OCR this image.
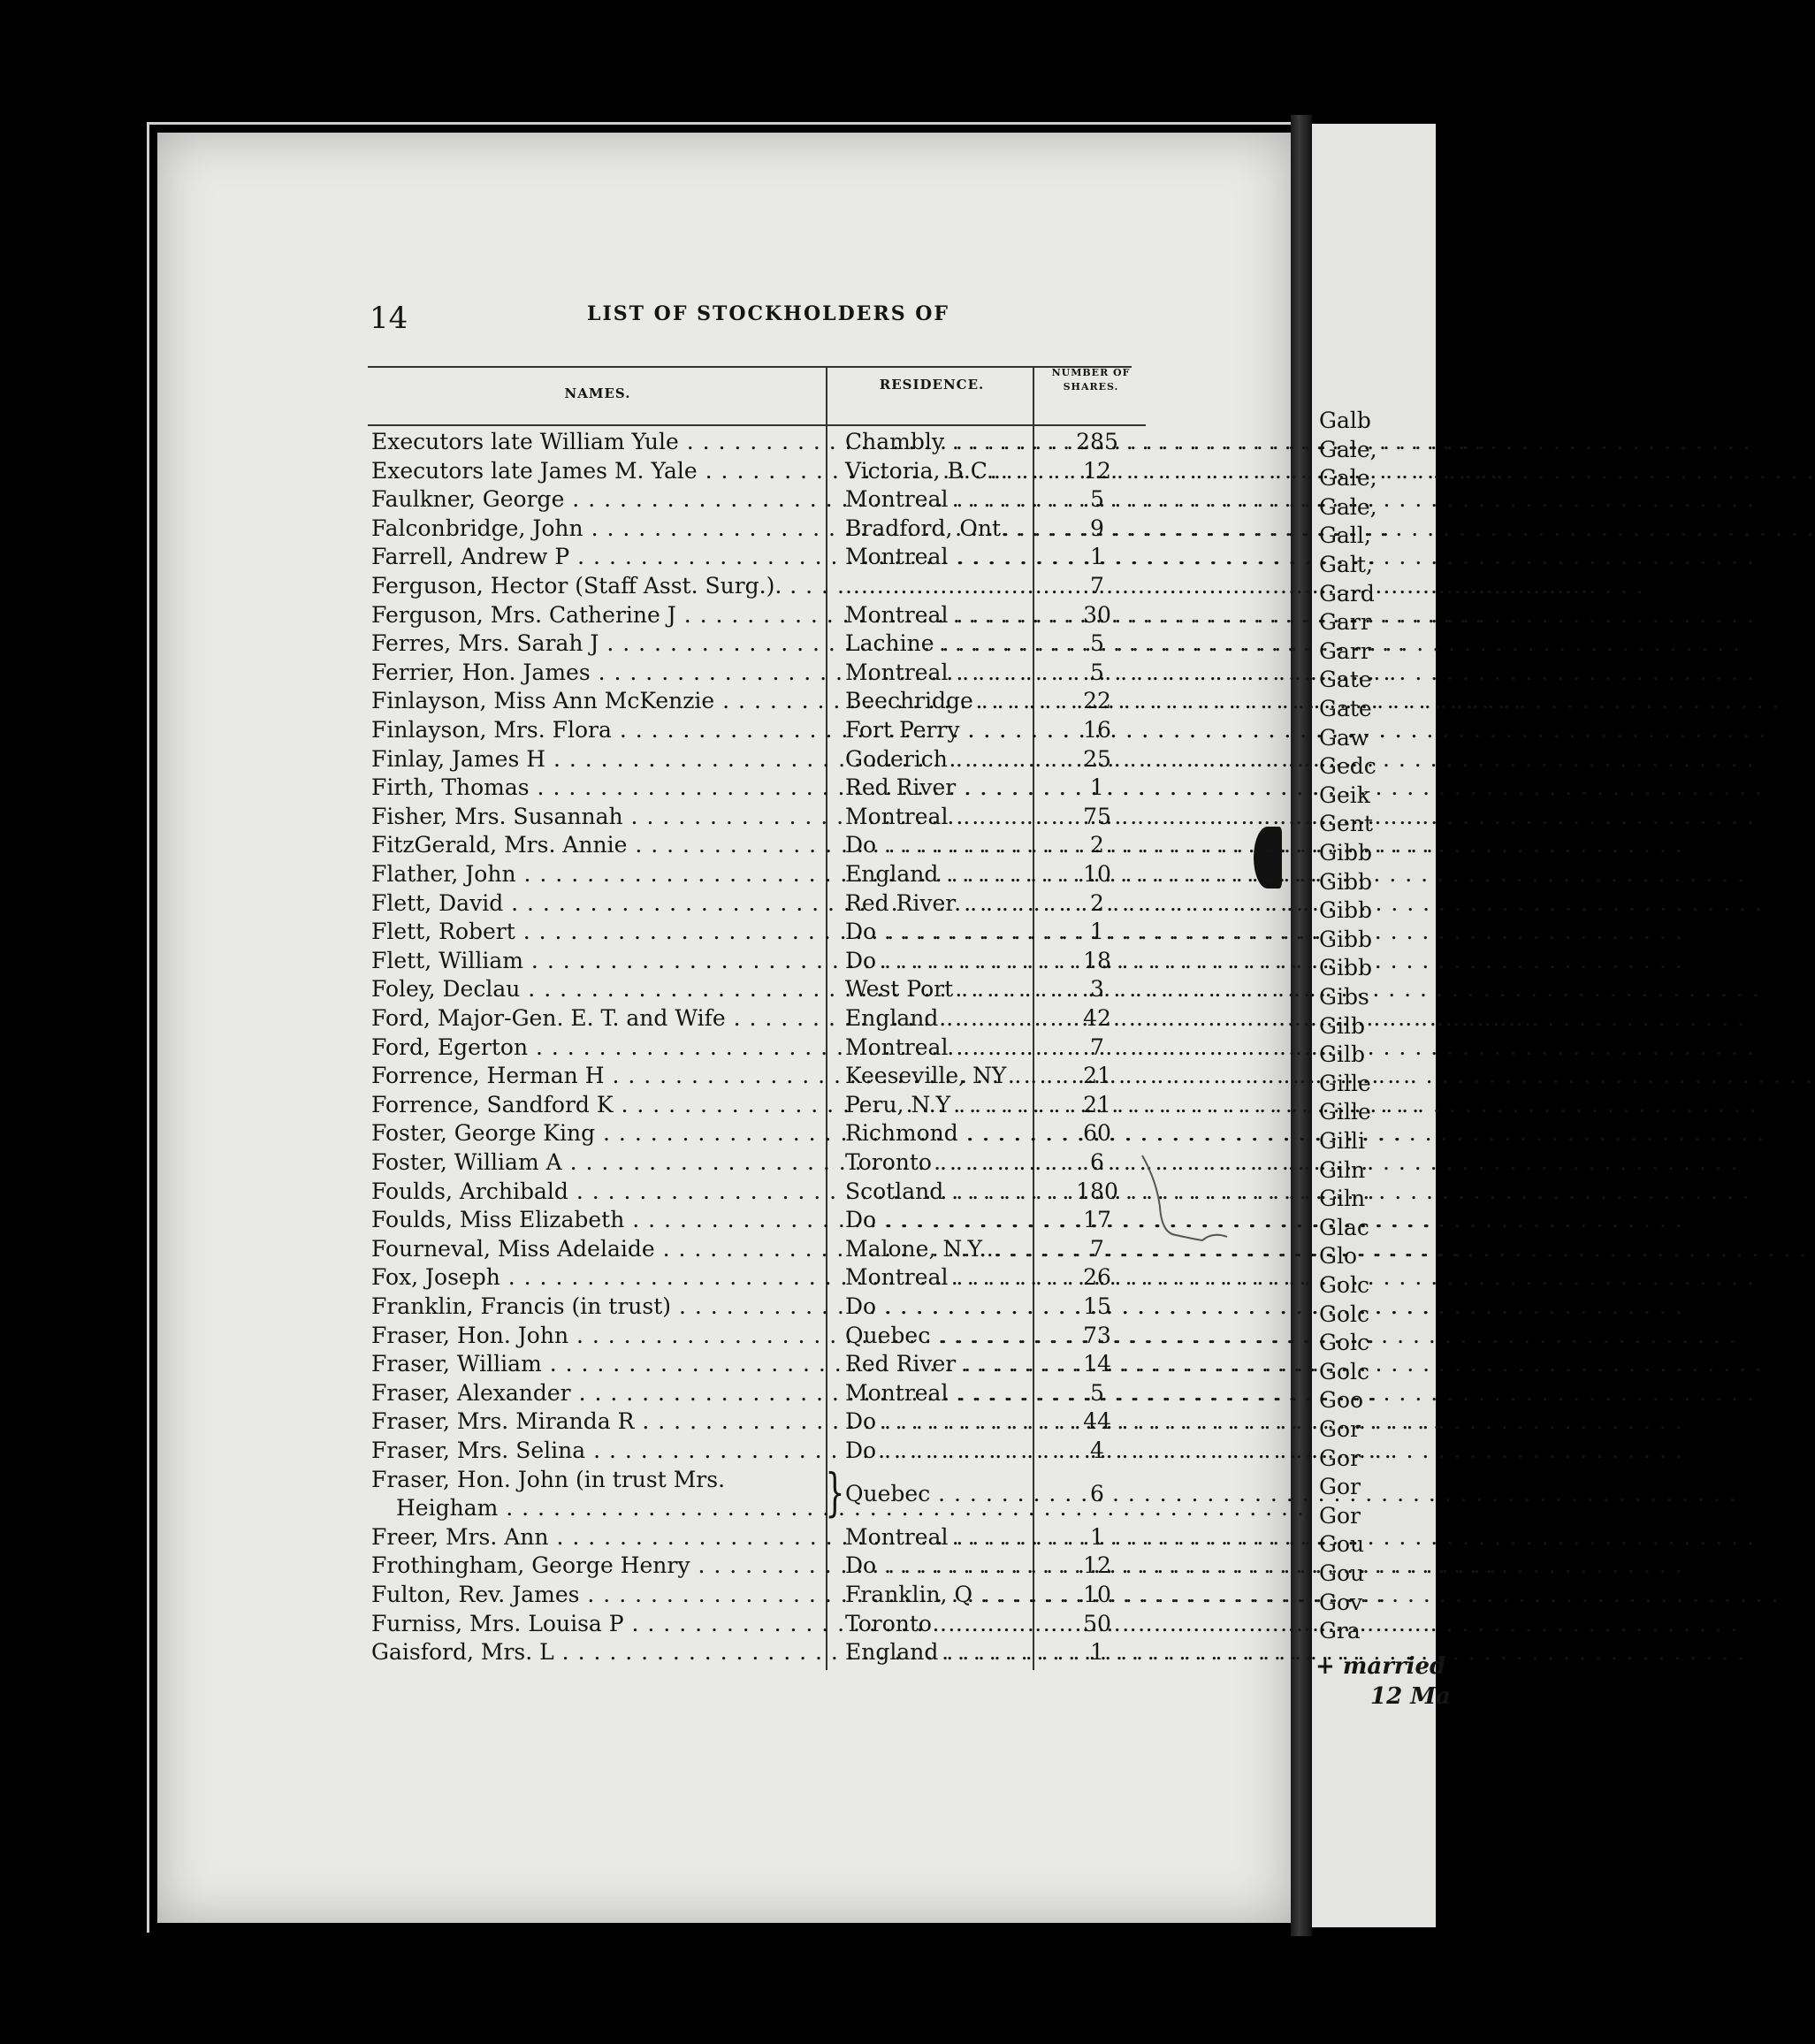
Galb
Gale,
Gale,
Gale,
Gall,
Galt,
Gard
Garr
Garr
Gate
Gate
Gaw
Gedc
Geik
Gent
Gibb
Gibb
Gibb
Gibb
Gibb
Gibs
Gilb
Gilb
Gille
Gille
Gilli
Giln
Giln
Glac
Glo
Golc
Golc
Golc
Golc
Goo
Gor
Gor
Gor
Gor
Gou
Gou
Gov
Gra
14	LIST OF STOCKHOLDERS OF
NAMES.
RESIDENCE.
NUMBER OF
SHARES.
Executors late William Yule . . .	Chambly . . .	285
Executors late James M. Yale . . .	Victoria, B.C... . . .	12
Faulkner, George . . .	Montreal . . .	5
Falconbridge, John . . .	Bradford, Ont. . . .	9
Farrell, Andrew P . . .	Montreal . . .	1
Ferguson, Hector (Staff Asst. Surg.). . . . . . .	7
Ferguson, Mrs. Catherine J . . .	Montreal . . .	30
Ferres, Mrs. Sarah J . . .	Lachine . . .	5
Ferrier, Hon. James . . .	Montreal . . .	5
Finlayson, Miss Ann McKenzie . . .	Beechridge . . .	22
Finlayson, Mrs. Flora . . .	Fort Perry . . .	16
Finlay, James H . . .	Goderich . . .	25
Firth, Thomas . . .	Red River . . .	1
Fisher, Mrs. Susannah . . .	Montreal . . .	75
FitzGerald, Mrs. Annie . . .	Do . . .	2
Flather, John . . .	England . . .	10
Flett, David . . .	Red River . . .	2
Flett, Robert . . .	Do . . .	1
Flett, William . . .	Do . . .	18
Foley, Declau . . .	West Port . . .	3
Ford, Major-Gen. E. T. and Wife . . .	England . . .	42
Ford, Egerton . . .	Montreal . . .	7
Forrence, Herman H . . .	Keeseville, NY . . .	21
Forrence, Sandford K . . .	Peru, N.Y . . .	21
Foster, George King . . .	Richmond . . .	60
Foster, William A . . .	Toronto . . .	6
Foulds, Archibald . . .	Scotland . . .	180
Foulds, Miss Elizabeth . . .	Do . . .	17
Fourneval, Miss Adelaide . . .	Malone, N.Y... . . .	7
Fox, Joseph . . .	Montreal . . .	26
Franklin, Francis (in trust) . . .	Do . . .	15
Fraser, Hon. John . . .	Quebec . . .	73
Fraser, William . . .	Red River . . .	14
Fraser, Alexander . . .	Montreal . . .	5
Fraser, Mrs. Miranda R . . .	Do . . .	44
Fraser, Mrs. Selina . . .	Do . . .	4
Fraser, Hon. John (in trust Mrs.
Heigham . . .	} Quebec . . .	6
Freer, Mrs. Ann . . .	Montreal . . .	1
Frothingham, George Henry . . .	Do . . .	12
Fulton, Rev. James . . .	Franklin, Q . . .	10
Furniss, Mrs. Louisa P . . .	Toronto . . .	50
Gaisford, Mrs. L . . .	England . . .	1
+ married
12 Ma
